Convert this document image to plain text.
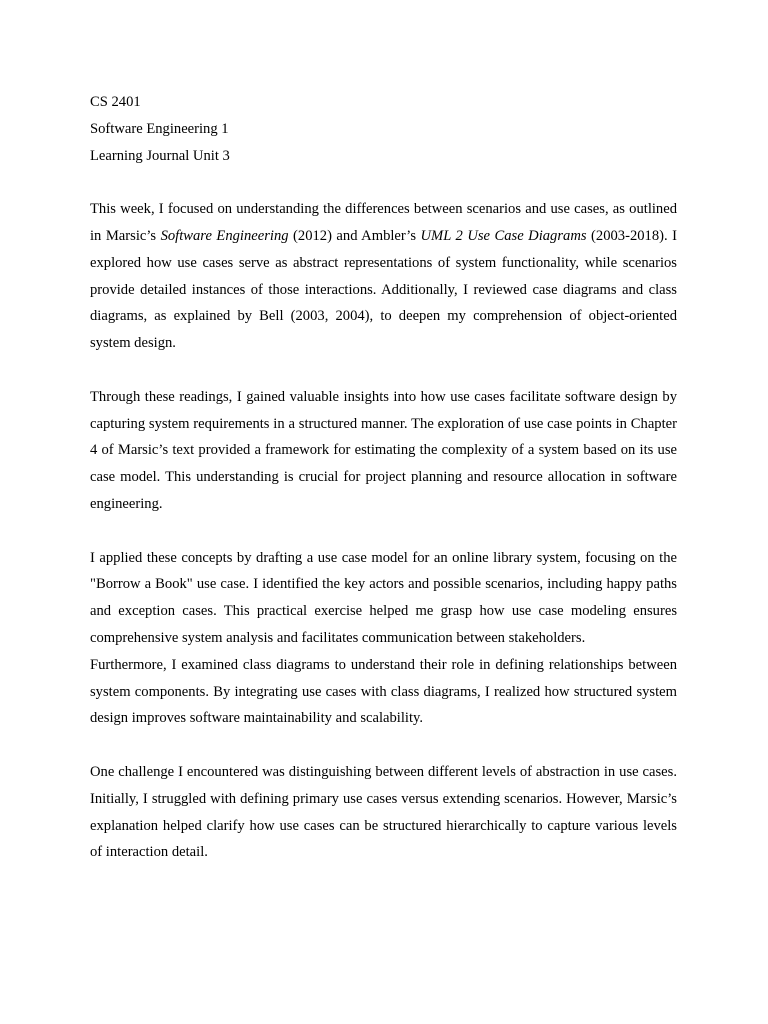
CS 2401

Software Engineering 1

Learning Journal Unit 3

This week, I focused on understanding the differences between scenarios and use cases, as outlined in Marsic’s Software Engineering (2012) and Ambler’s UML 2 Use Case Diagrams (2003-2018). I explored how use cases serve as abstract representations of system functionality, while scenarios provide detailed instances of those interactions. Additionally, I reviewed case diagrams and class diagrams, as explained by Bell (2003, 2004), to deepen my comprehension of object-oriented system design.

Through these readings, I gained valuable insights into how use cases facilitate software design by capturing system requirements in a structured manner. The exploration of use case points in Chapter 4 of Marsic’s text provided a framework for estimating the complexity of a system based on its use case model. This understanding is crucial for project planning and resource allocation in software engineering.

I applied these concepts by drafting a use case model for an online library system, focusing on the "Borrow a Book" use case. I identified the key actors and possible scenarios, including happy paths and exception cases. This practical exercise helped me grasp how use case modeling ensures comprehensive system analysis and facilitates communication between stakeholders.

Furthermore, I examined class diagrams to understand their role in defining relationships between system components. By integrating use cases with class diagrams, I realized how structured system design improves software maintainability and scalability.

One challenge I encountered was distinguishing between different levels of abstraction in use cases. Initially, I struggled with defining primary use cases versus extending scenarios. However, Marsic’s explanation helped clarify how use cases can be structured hierarchically to capture various levels of interaction detail.
